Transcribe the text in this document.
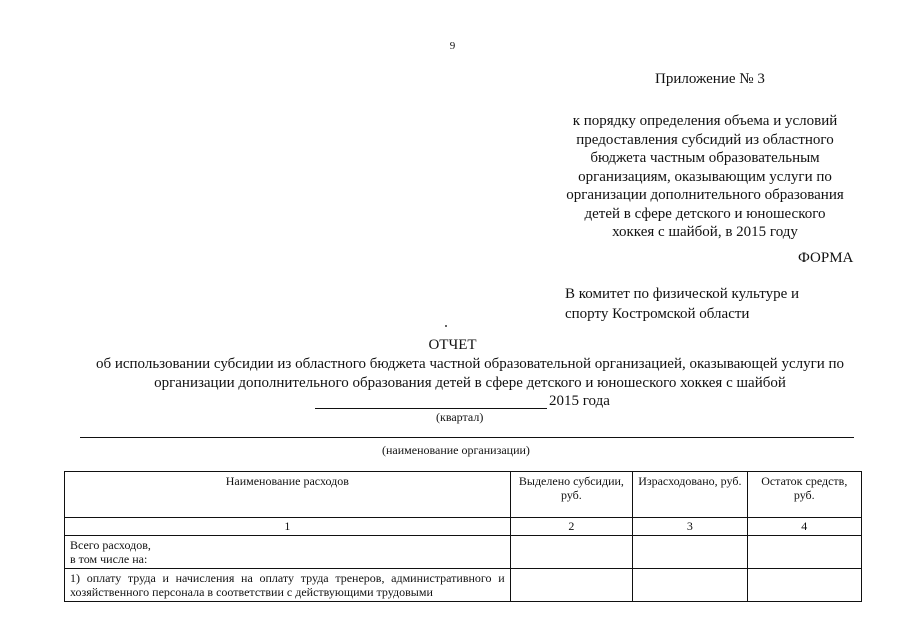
9
Приложение № 3
к порядку определения объема и условий
предоставления субсидий из областного
бюджета частным образовательным
организациям, оказывающим услуги по
организации дополнительного образования
детей в сфере детского и юношеского
хоккея с шайбой, в 2015 году
ФОРМА
В комитет по физической культуре и
спорту Костромской области
ОТЧЕТ
об использовании субсидии из областного бюджета частной образовательной организацией, оказывающей услуги по организации дополнительного образования детей в сфере детского и юношеского хоккея с шайбой
2015 года
(квартал)
(наименование организации)
Наименование расходов	Выделено субсидии, руб.	Израсходовано, руб.	Остаток средств, руб.
1	2	3	4

Всего расходов,
в том числе на:			

1) оплату труда и начисления на оплату труда тренеров, административного и хозяйственного персонала в соответствии с действующими трудовыми			
